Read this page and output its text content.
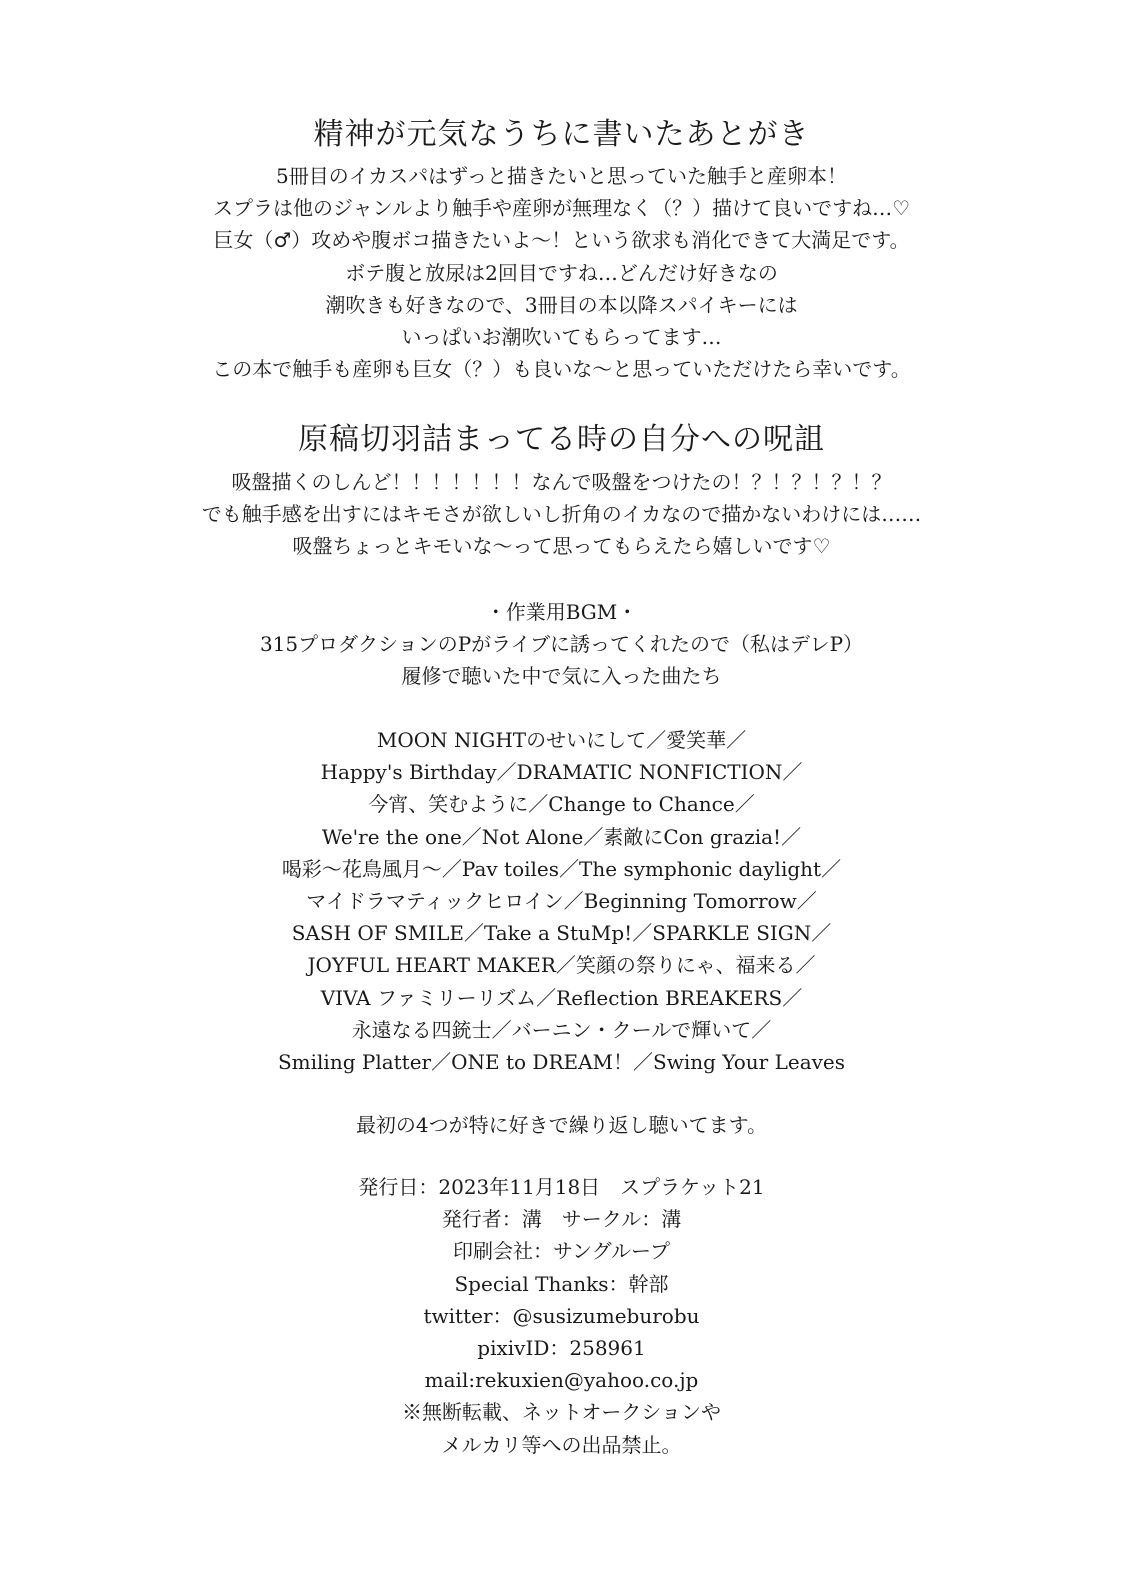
精神が元気なうちに書いたあとがき
5冊目のイカスパはずっと描きたいと思っていた触手と産卵本！
スプラは他のジャンルより触手や産卵が無理なく（？）描けて良いですね…♡
巨女（♂）攻めや腹ボコ描きたいよ〜！という欲求も消化できて大満足です。
ボテ腹と放尿は2回目ですね…どんだけ好きなの
潮吹きも好きなので、3冊目の本以降スパイキーには
いっぱいお潮吹いてもらってます…
この本で触手も産卵も巨女（？）も良いな〜と思っていただけたら幸いです。
原稿切羽詰まってる時の自分への呪詛
吸盤描くのしんど！！！！！！！なんで吸盤をつけたの！？！？！？！？
でも触手感を出すにはキモさが欲しいし折角のイカなので描かないわけには……
吸盤ちょっとキモいな〜って思ってもらえたら嬉しいです♡
・作業用BGM・
315プロダクションのPがライブに誘ってくれたので（私はデレP）
履修で聴いた中で気に入った曲たち
MOON NIGHTのせいにして／愛笑華／
Happy's Birthday／DRAMATIC NONFICTION／
今宵、笑むように／Change to Chance／
We're the one／Not Alone／素敵にCon grazia!／
喝彩〜花鳥風月〜／Pav toiles／The symphonic daylight／
マイドラマティックヒロイン／Beginning Tomorrow／
SASH OF SMILE／Take a StuMp!／SPARKLE SIGN／
JOYFUL HEART MAKER／笑顔の祭りにゃ、福来る／
VIVA ファミリーリズム／Reflection BREAKERS／
永遠なる四銃士／バーニン・クールで輝いて／
Smiling Platter／ONE to DREAM！／Swing Your Leaves
最初の4つが特に好きで繰り返し聴いてます。
発行日：2023年11月18日　スプラケット21
発行者：溝　サークル：溝
印刷会社：サングループ
Special Thanks：幹部
twitter：@susizumeburobu
pixivID：258961
mail:rekuxien@yahoo.co.jp
※無断転載、ネットオークションや
メルカリ等への出品禁止。
